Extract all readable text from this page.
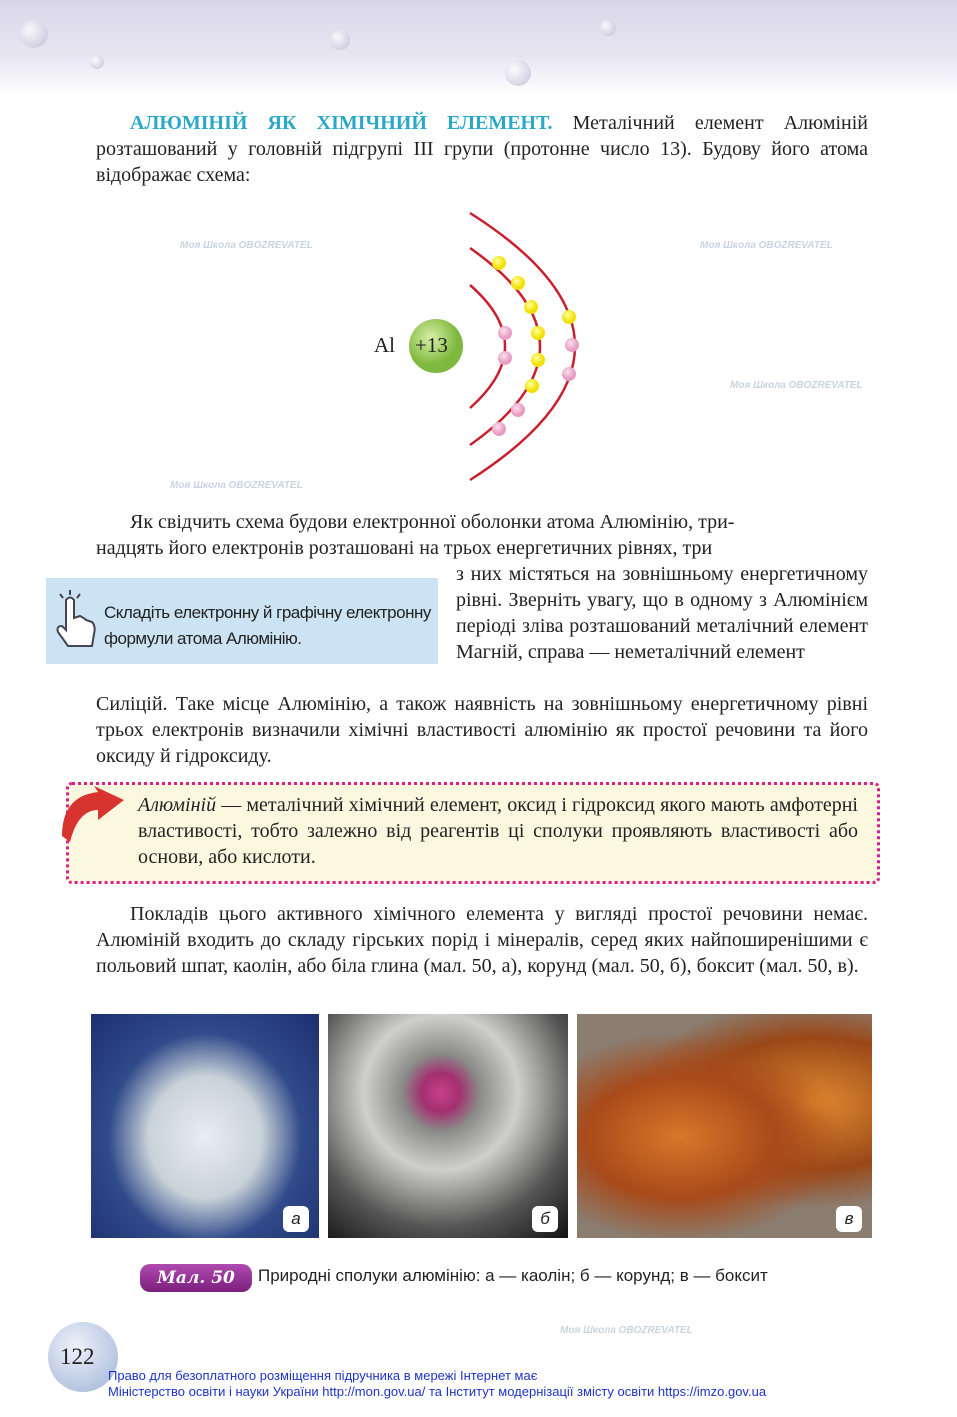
АЛЮМІНІЙ ЯК ХІМІЧНИЙ ЕЛЕМЕНТ. Металічний елемент Алюміній розташований у головній підгрупі III групи (протонне число 13). Будову його атома відображає схема:

Al +13

Як свідчить схема будови електронної оболонки атома Алюмінію, три-

надцять його електронів розташовані на трьох енергетичних рівнях, три

з них містяться на зовнішньому енергетичному рівні. Зверніть увагу, що в одному з Алюмінієм періоді зліва розташований металічний елемент Магній, справа — неметалічний елемент
Силіцій. Таке місце Алюмінію, а також наявність на зовнішньому енергетичному рівні трьох електронів визначили хімічні властивості алюмінію як простої речовини та його оксиду й гідроксиду.
Складіть електронну й графічну електронну формули атома Алюмінію.
Алюміній — металічний хімічний елемент, оксид і гідроксид якого мають амфотерні властивості, тобто залежно від реагентів ці сполуки проявляють властивості або основи, або кислоти.
Покладів цього активного хімічного елемента у вигляді простої речовини немає. Алюміній входить до складу гірських порід і мінералів, серед яких найпоширенішими є польовий шпат, каолін, або біла глина (мал. 50, а), корунд (мал. 50, б), боксит (мал. 50, в).
а	б	в
Мал. 50	Природні сполуки алюмінію: а — каолін; б — корунд; в — боксит
122
Право для безоплатного розміщення підручника в мережі Інтернет має
Міністерство освіти і науки України http://mon.gov.ua/ та Інститут модернізації змісту освіти https://imzo.gov.ua
Моя Школа OBOZREVATEL
Моя Школа OBOZREVATEL
Моя Школа OBOZREVATEL
Моя Школа OBOZREVATEL
Моя Школа OBOZREVATEL
